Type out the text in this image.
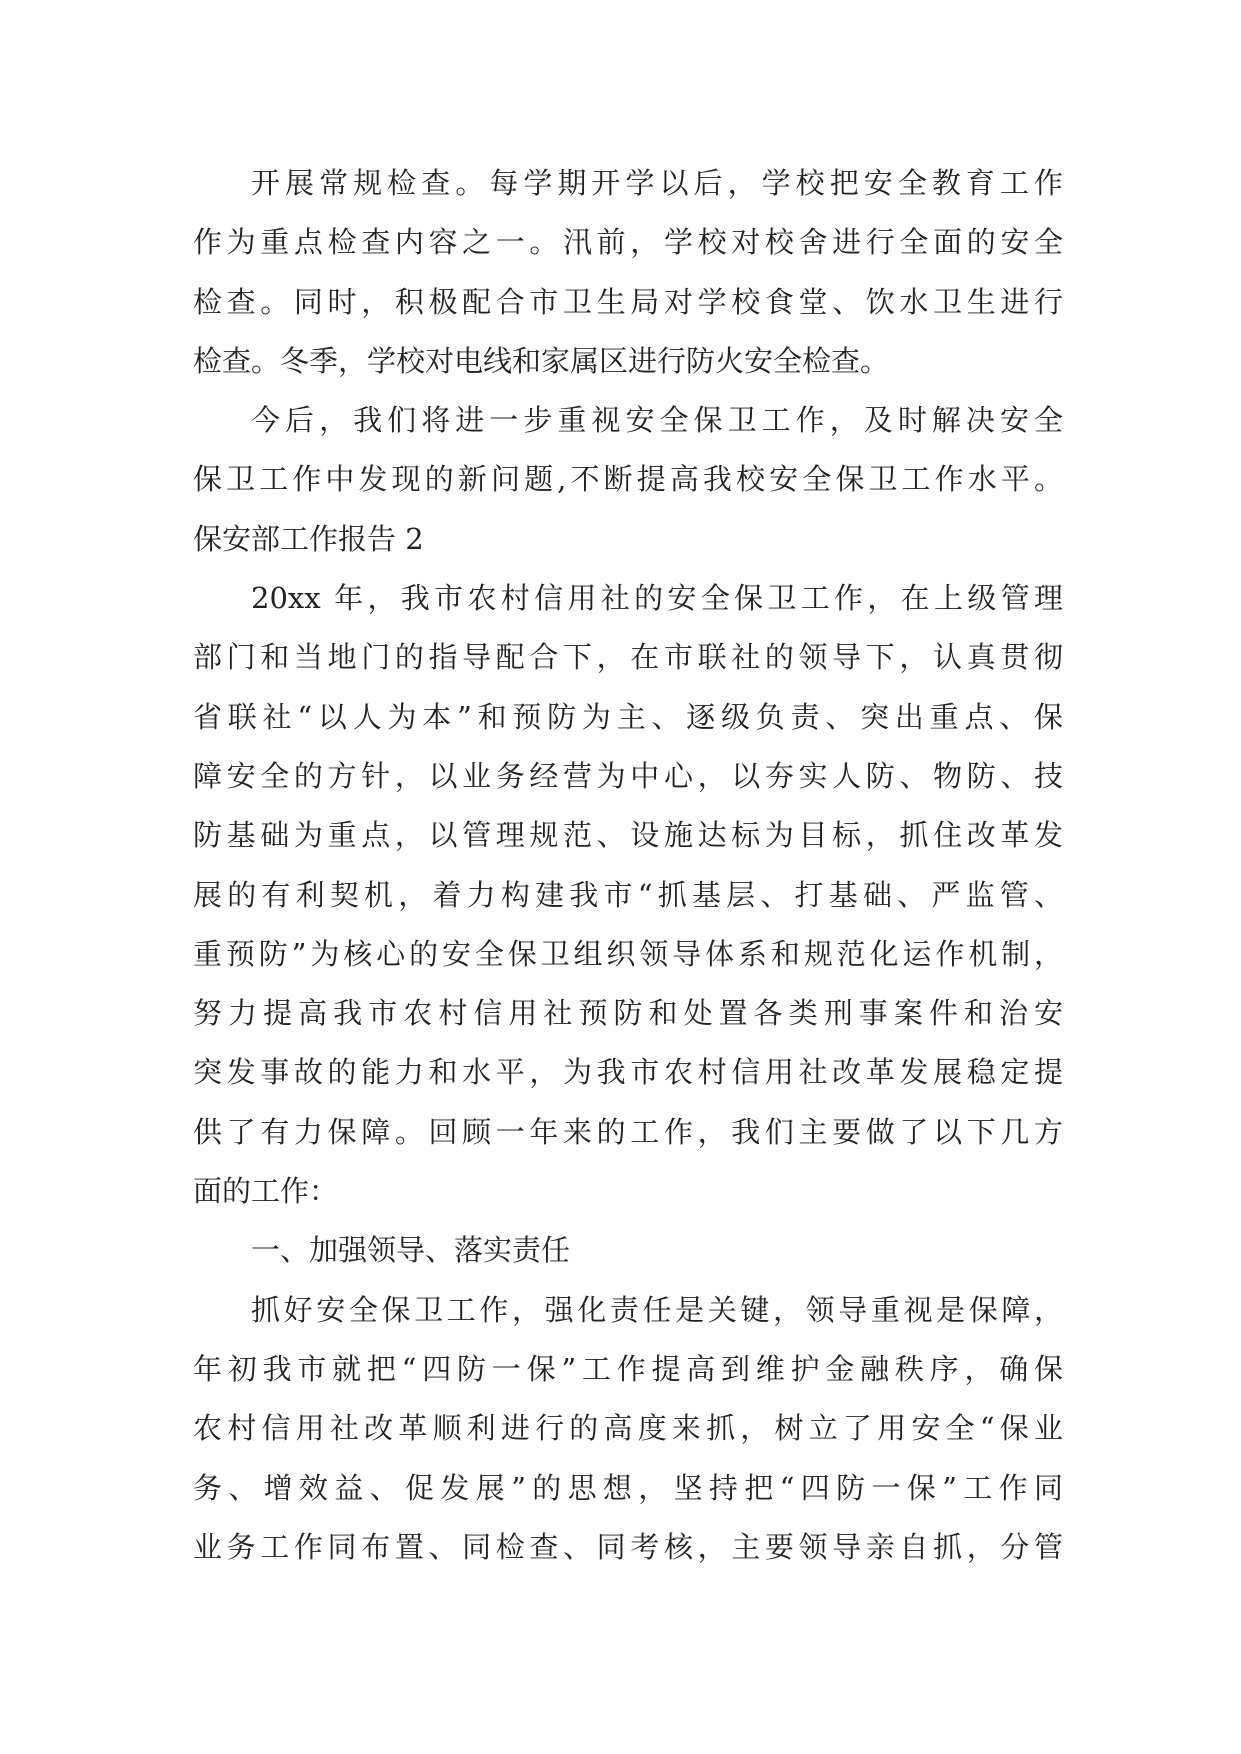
开展常规检查。每学期开学以后，学校把安全教育工作
作为重点检查内容之一。汛前，学校对校舍进行全面的安全
检查。同时，积极配合市卫生局对学校食堂、饮水卫生进行
检查。冬季，学校对电线和家属区进行防火安全检查。
今后，我们将进一步重视安全保卫工作，及时解决安全
保卫工作中发现的新问题,不断提高我校安全保卫工作水平。
保安部工作报告 2
20xx 年，我市农村信用社的安全保卫工作，在上级管理
部门和当地门的指导配合下，在市联社的领导下，认真贯彻
省联社“以人为本”和预防为主、逐级负责、突出重点、保
障安全的方针，以业务经营为中心，以夯实人防、物防、技
防基础为重点，以管理规范、设施达标为目标，抓住改革发
展的有利契机，着力构建我市“抓基层、打基础、严监管、
重预防”为核心的安全保卫组织领导体系和规范化运作机制，
努力提高我市农村信用社预防和处置各类刑事案件和治安
突发事故的能力和水平，为我市农村信用社改革发展稳定提
供了有力保障。回顾一年来的工作，我们主要做了以下几方
面的工作：
一、加强领导、落实责任
抓好安全保卫工作，强化责任是关键，领导重视是保障，
年初我市就把“四防一保”工作提高到维护金融秩序，确保
农村信用社改革顺利进行的高度来抓，树立了用安全“保业
务、增效益、促发展”的思想，坚持把“四防一保”工作同
业务工作同布置、同检查、同考核，主要领导亲自抓，分管
